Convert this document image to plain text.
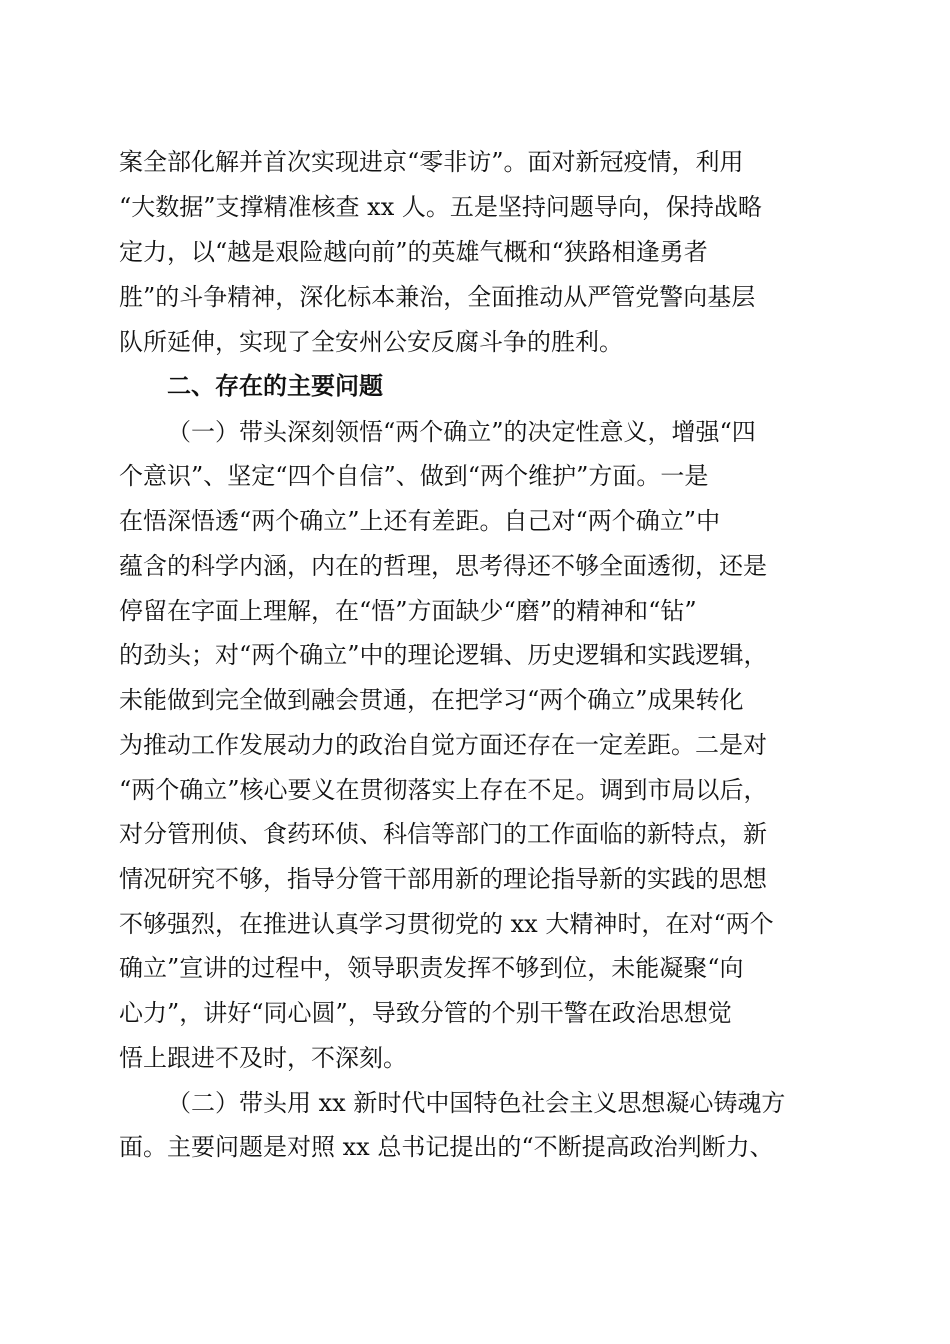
案全部化解并首次实现进京“零非访”。面对新冠疫情，利用
“大数据”支撑精准核查 xx 人。五是坚持问题导向，保持战略
定力，以“越是艰险越向前”的英雄气概和“狭路相逢勇者
胜”的斗争精神，深化标本兼治，全面推动从严管党警向基层
队所延伸，实现了全安州公安反腐斗争的胜利。
二、存在的主要问题
（一）带头深刻领悟“两个确立”的决定性意义，增强“四
个意识”、坚定“四个自信”、做到“两个维护”方面。一是
在悟深悟透“两个确立”上还有差距。自己对“两个确立”中
蕴含的科学内涵，内在的哲理，思考得还不够全面透彻，还是
停留在字面上理解，在“悟”方面缺少“磨”的精神和“钻”
的劲头；对“两个确立”中的理论逻辑、历史逻辑和实践逻辑，
未能做到完全做到融会贯通，在把学习“两个确立”成果转化
为推动工作发展动力的政治自觉方面还存在一定差距。二是对
“两个确立”核心要义在贯彻落实上存在不足。调到市局以后，
对分管刑侦、食药环侦、科信等部门的工作面临的新特点，新
情况研究不够，指导分管干部用新的理论指导新的实践的思想
不够强烈，在推进认真学习贯彻党的 xx 大精神时，在对“两个
确立”宣讲的过程中，领导职责发挥不够到位，未能凝聚“向
心力”，讲好“同心圆”，导致分管的个别干警在政治思想觉
悟上跟进不及时，不深刻。
（二）带头用 xx 新时代中国特色社会主义思想凝心铸魂方
面。主要问题是对照 xx 总书记提出的“不断提高政治判断力、
